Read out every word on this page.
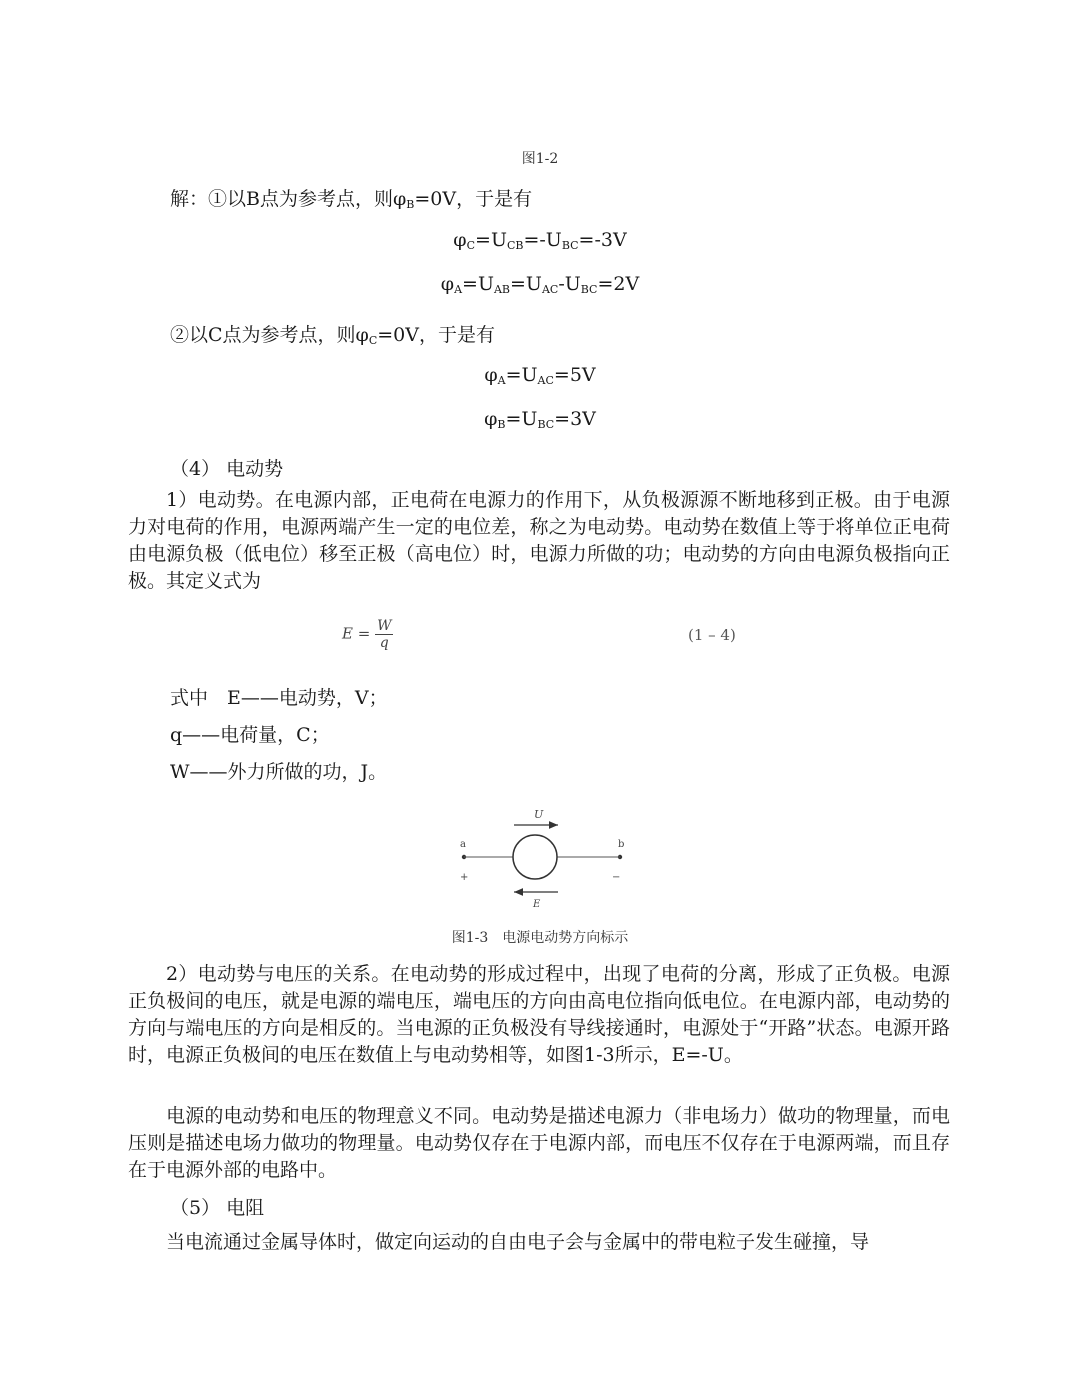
图1-2
解：①以B点为参考点，则$\varphi_B=0V$，于是有
$\varphi_C=U_{CB}=-U_{BC}=-3V$
$\varphi_A=U_{AB}=U_{AC}-U_{BC}=2V$
②以C点为参考点，则$\varphi_C=0V$，于是有
$\varphi_A=U_{AC}=5V$
$\varphi_B=U_{BC}=3V$
（4） 电动势
1）电动势。在电源内部，正电荷在电源力的作用下，从负极源源不断地移到正极。由于电源力对电荷的作用，电源两端产生一定的电位差，称之为电动势。电动势在数值上等于将单位正电荷由电源负极（低电位）移至正极（高电位）时，电源力所做的功；电动势的方向由电源负极指向正极。其定义式为
$E = \frac{W}{q}$	(1 – 4)
式中　E——电动势，V；
q——电荷量，C；
W——外力所做的功，J。
U
a	b
+	−
E
图1-3　电源电动势方向标示
2）电动势与电压的关系。在电动势的形成过程中，出现了电荷的分离，形成了正负极。电源正负极间的电压，就是电源的端电压，端电压的方向由高电位指向低电位。在电源内部，电动势的方向与端电压的方向是相反的。当电源的正负极没有导线接通时，电源处于“开路”状态。电源开路时，电源正负极间的电压在数值上与电动势相等，如图1-3所示，E=-U。
电源的电动势和电压的物理意义不同。电动势是描述电源力（非电场力）做功的物理量，而电压则是描述电场力做功的物理量。电动势仅存在于电源内部，而电压不仅存在于电源两端，而且存在于电源外部的电路中。
（5） 电阻
当电流通过金属导体时，做定向运动的自由电子会与金属中的带电粒子发生碰撞，导
